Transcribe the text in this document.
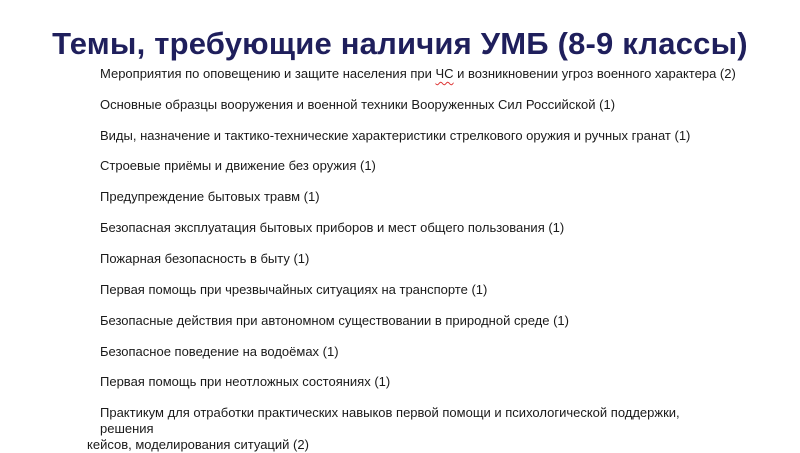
Темы, требующие наличия УМБ (8-9 классы)
Мероприятия по оповещению и защите населения при ЧС и возникновении угроз военного характера (2)
Основные образцы вооружения и военной техники Вооруженных Сил Российской (1)
Виды, назначение и тактико-технические характеристики стрелкового оружия и ручных гранат (1)
Строевые приёмы и движение без оружия (1)
Предупреждение бытовых травм (1)
Безопасная эксплуатация бытовых приборов и мест общего пользования (1)
Пожарная безопасность в быту (1)
Первая помощь при чрезвычайных ситуациях на транспорте (1)
Безопасные действия при автономном существовании в природной среде (1)
Безопасное поведение на водоёмах (1)
Первая помощь при неотложных состояниях (1)
Практикум для отработки практических навыков первой помощи и психологической поддержки, решения
кейсов, моделирования ситуаций (2)
